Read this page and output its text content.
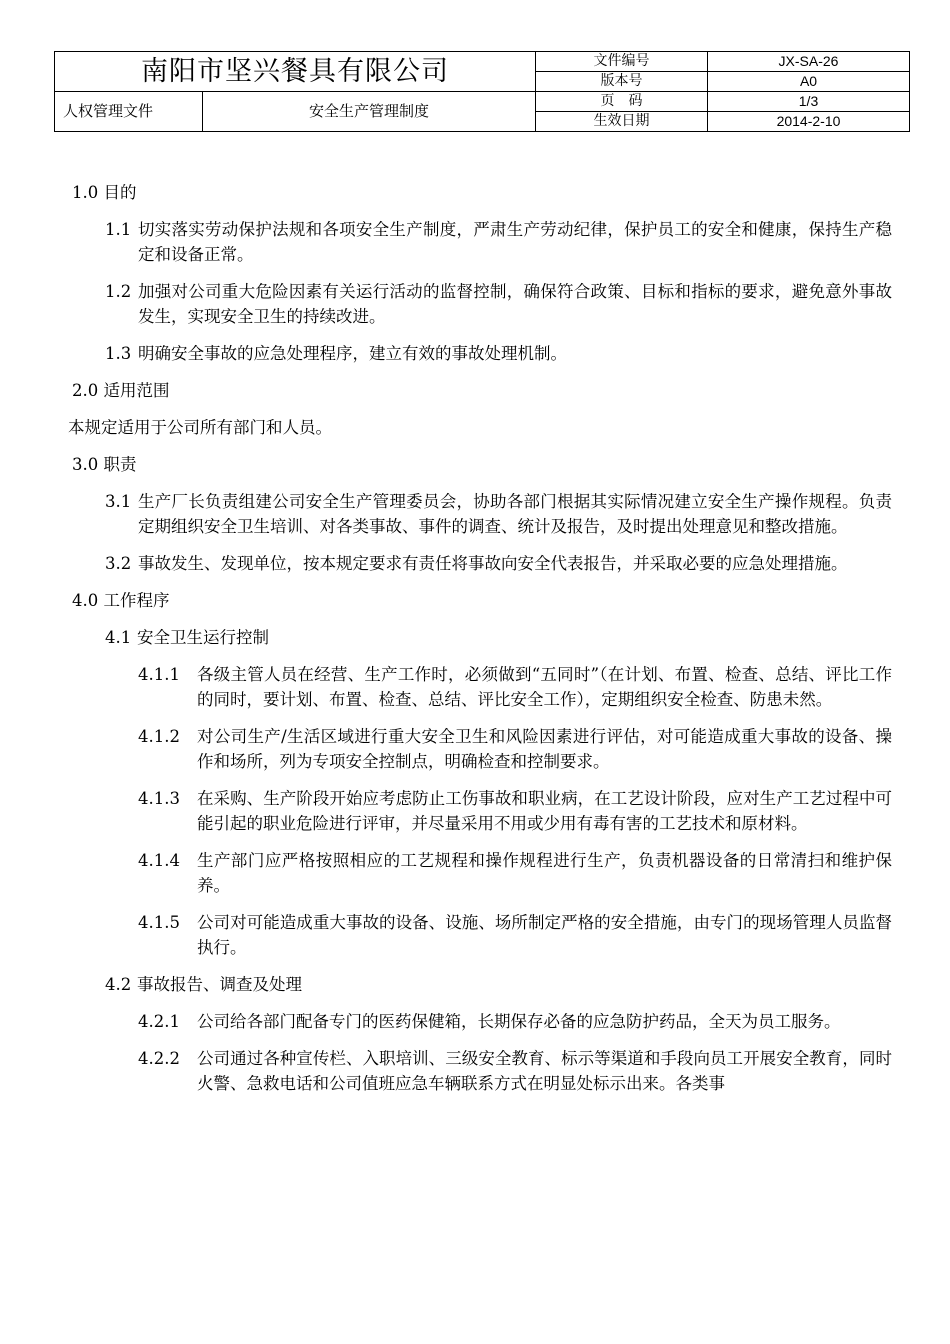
南阳市坚兴餐具有限公司		文件编号	JX-SA-26
		版本号	A0
人权管理文件	安全生产管理制度	页　码	1/3
		生效日期	2014-2-10
1.0 目的
1.1 切实落实劳动保护法规和各项安全生产制度，严肃生产劳动纪律，保护员工的安全和健康，保持生产稳定和设备正常。
1.2 加强对公司重大危险因素有关运行活动的监督控制，确保符合政策、目标和指标的要求，避免意外事故发生，实现安全卫生的持续改进。
1.3 明确安全事故的应急处理程序，建立有效的事故处理机制。
2.0 适用范围
本规定适用于公司所有部门和人员。
3.0 职责
3.1 生产厂长负责组建公司安全生产管理委员会，协助各部门根据其实际情况建立安全生产操作规程。负责定期组织安全卫生培训、对各类事故、事件的调查、统计及报告，及时提出处理意见和整改措施。
3.2 事故发生、发现单位，按本规定要求有责任将事故向安全代表报告，并采取必要的应急处理措施。
4.0 工作程序
4.1 安全卫生运行控制
4.1.1	各级主管人员在经营、生产工作时，必须做到“五同时”（在计划、布置、检查、总结、评比工作的同时，要计划、布置、检查、总结、评比安全工作），定期组织安全检查、防患未然。
4.1.2	对公司生产/生活区域进行重大安全卫生和风险因素进行评估，对可能造成重大事故的设备、操作和场所，列为专项安全控制点，明确检查和控制要求。
4.1.3	在采购、生产阶段开始应考虑防止工伤事故和职业病，在工艺设计阶段，应对生产工艺过程中可能引起的职业危险进行评审，并尽量采用不用或少用有毒有害的工艺技术和原材料。
4.1.4	生产部门应严格按照相应的工艺规程和操作规程进行生产，负责机器设备的日常清扫和维护保养。
4.1.5	公司对可能造成重大事故的设备、设施、场所制定严格的安全措施，由专门的现场管理人员监督执行。
4.2 事故报告、调查及处理
4.2.1	公司给各部门配备专门的医药保健箱，长期保存必备的应急防护药品，全天为员工服务。
4.2.2	公司通过各种宣传栏、入职培训、三级安全教育、标示等渠道和手段向员工开展安全教育，同时火警、急救电话和公司值班应急车辆联系方式在明显处标示出来。各类事
